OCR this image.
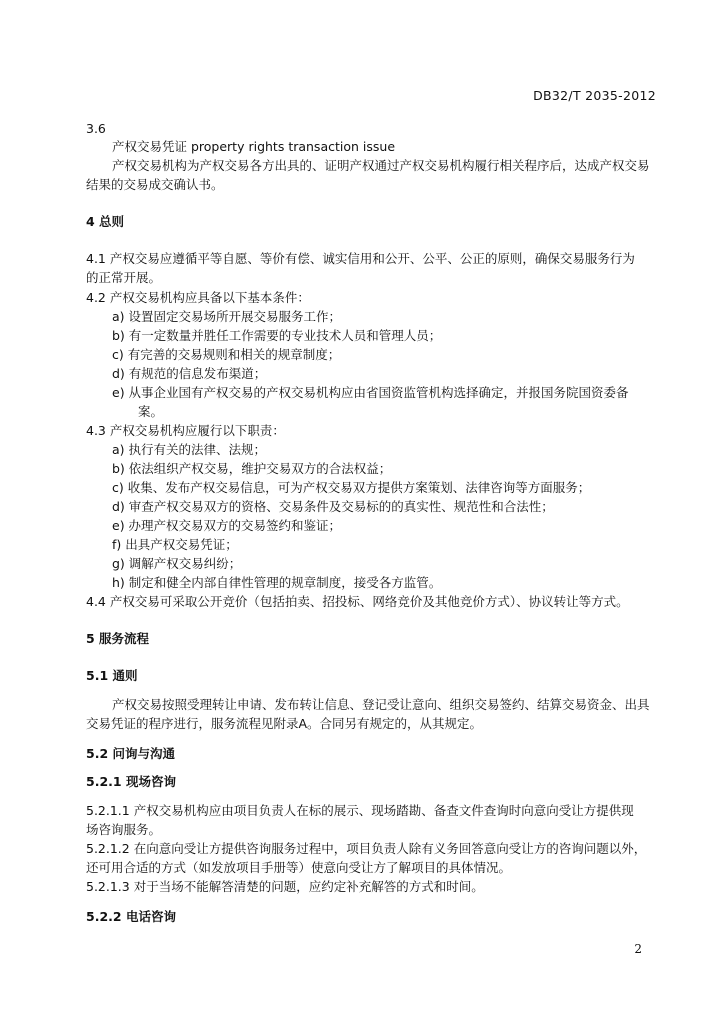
DB32/T 2035-2012
3.6
产权交易凭证 property rights transaction issue
产权交易机构为产权交易各方出具的、证明产权通过产权交易机构履行相关程序后，达成产权交易
结果的交易成交确认书。
4 总则
4.1 产权交易应遵循平等自愿、等价有偿、诚实信用和公开、公平、公正的原则，确保交易服务行为
的正常开展。
4.2 产权交易机构应具备以下基本条件：
a) 设置固定交易场所开展交易服务工作；
b) 有一定数量并胜任工作需要的专业技术人员和管理人员；
c) 有完善的交易规则和相关的规章制度；
d) 有规范的信息发布渠道；
e) 从事企业国有产权交易的产权交易机构应由省国资监管机构选择确定，并报国务院国资委备
案。
4.3 产权交易机构应履行以下职责：
a) 执行有关的法律、法规；
b) 依法组织产权交易，维护交易双方的合法权益；
c) 收集、发布产权交易信息，可为产权交易双方提供方案策划、法律咨询等方面服务；
d) 审查产权交易双方的资格、交易条件及交易标的的真实性、规范性和合法性；
e) 办理产权交易双方的交易签约和鉴证；
f) 出具产权交易凭证；
g) 调解产权交易纠纷；
h) 制定和健全内部自律性管理的规章制度，接受各方监管。
4.4 产权交易可采取公开竞价（包括拍卖、招投标、网络竞价及其他竞价方式）、协议转让等方式。
5 服务流程
5.1 通则
产权交易按照受理转让申请、发布转让信息、登记受让意向、组织交易签约、结算交易资金、出具
交易凭证的程序进行，服务流程见附录A。合同另有规定的，从其规定。
5.2 问询与沟通
5.2.1 现场咨询
5.2.1.1 产权交易机构应由项目负责人在标的展示、现场踏勘、备查文件查询时向意向受让方提供现
场咨询服务。
5.2.1.2 在向意向受让方提供咨询服务过程中，项目负责人除有义务回答意向受让方的咨询问题以外，
还可用合适的方式（如发放项目手册等）使意向受让方了解项目的具体情况。
5.2.1.3 对于当场不能解答清楚的问题，应约定补充解答的方式和时间。
5.2.2 电话咨询
2
